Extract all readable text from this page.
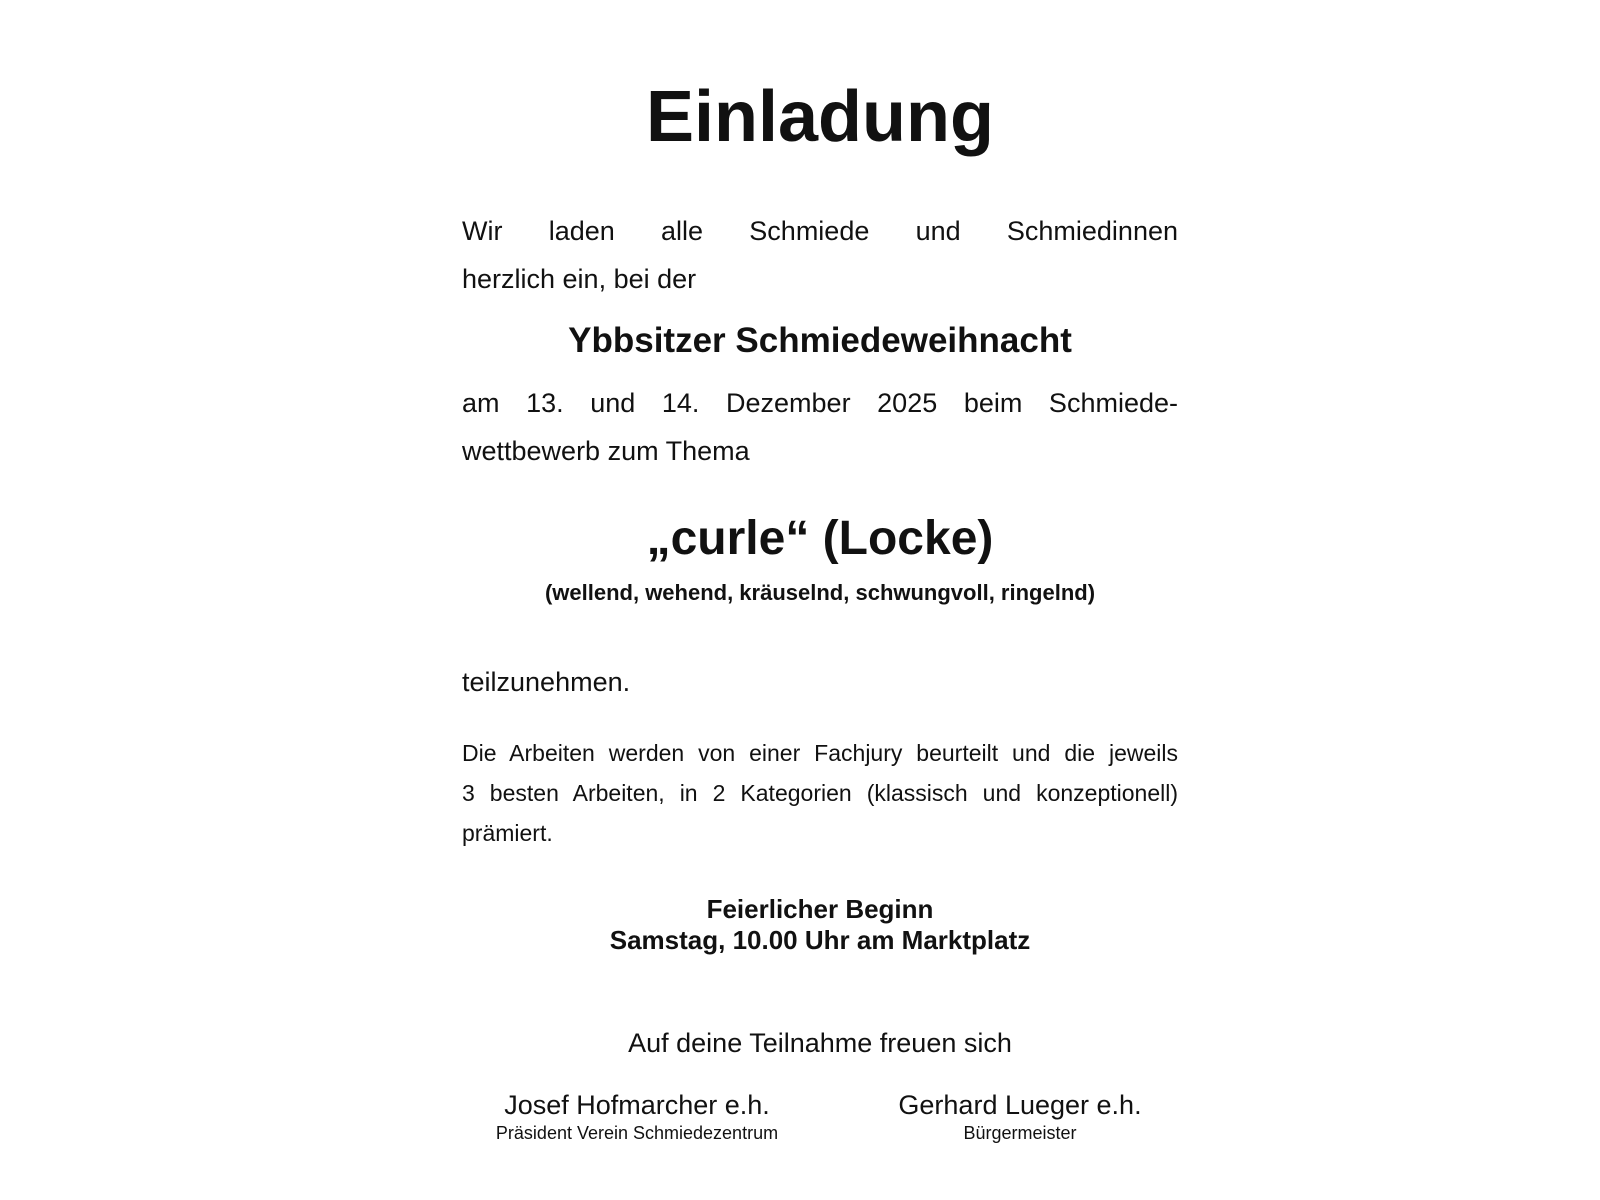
Einladung
Wir laden alle Schmiede und Schmiedinnen
herzlich ein, bei der
Ybbsitzer Schmiedeweihnacht
am 13. und 14. Dezember 2025 beim Schmiede-
wettbewerb zum Thema
„curle“ (Locke)
(wellend, wehend, kräuselnd, schwungvoll, ringelnd)
teilzunehmen.
Die Arbeiten werden von einer Fachjury beurteilt und die jeweils
3 besten Arbeiten, in 2 Kategorien (klassisch und konzeptionell)
prämiert.
Feierlicher Beginn
Samstag, 10.00 Uhr am Marktplatz
Auf deine Teilnahme freuen sich
Josef Hofmarcher e.h.
Präsident Verein Schmiedezentrum
Gerhard Lueger e.h.
Bürgermeister
